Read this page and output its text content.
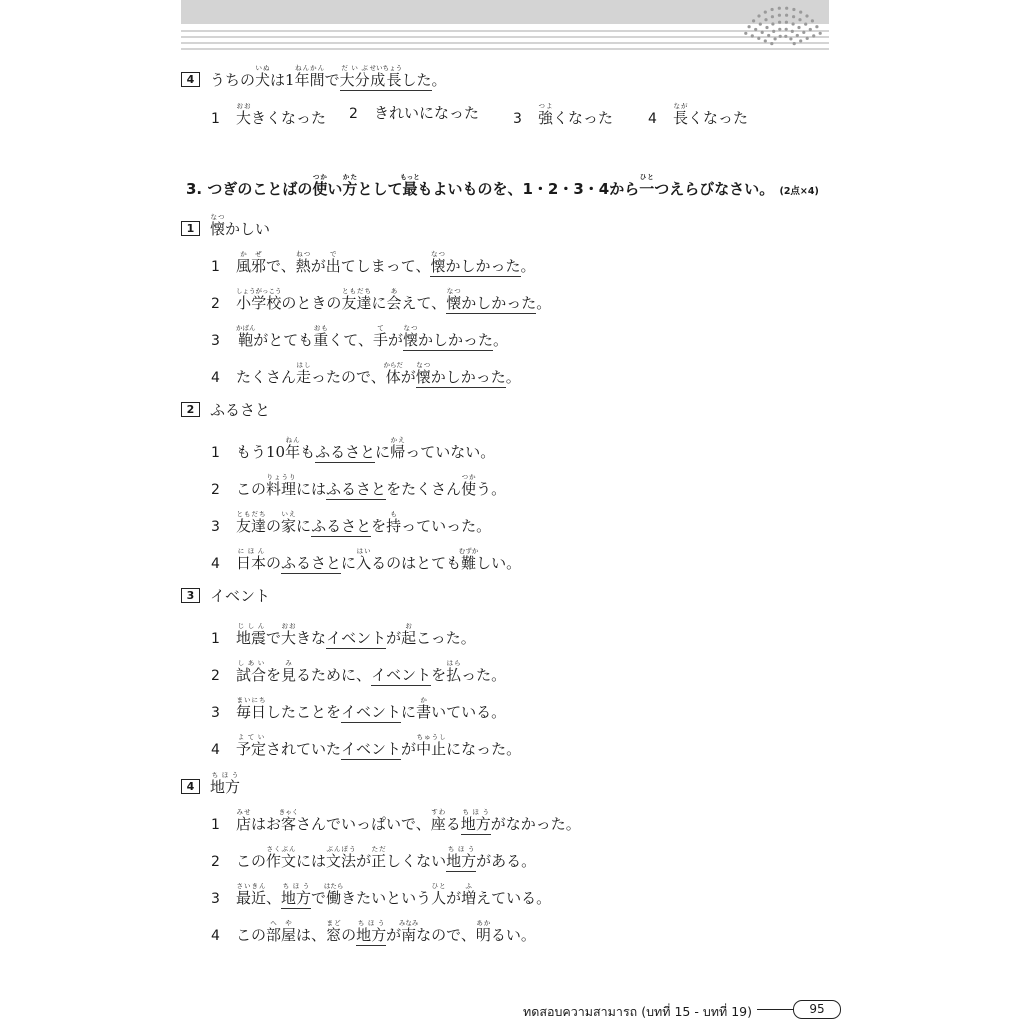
4 うちの犬いぬは1年間ねんかんで大分だいぶ成長せいちょうした。
1 大おおきくなった 2 きれいになった 3 強つよくなった 4 長ながくなった
3. つぎのことばの使つかい方かたとして最もっともよいものを、1・2・3・4から一ひとつえらびなさい。 (2点×4)
1 懐なつかしい
1 風邪かぜで、熱ねつが出でてしまって、懐なつかしかった。
2 小学校しょうがっこうのときの友達ともだちに会あえて、懐なつかしかった。
3 鞄かばんがとても重おもくて、手てが懐なつかしかった。
4 たくさん走はしったので、体からだが懐なつかしかった。
2 ふるさと
1 もう10年ねんもふるさとに帰かえっていない。
2 この料理りょうりにはふるさとをたくさん使つかう。
3 友達ともだちの家いえにふるさとを持もっていった。
4 日本にほんのふるさとに入はいるのはとても難むずかしい。
3 イベント
1 地震じしんで大おおきなイベントが起おこった。
2 試合しあいを見みるために、イベントを払はらった。
3 毎日まいにちしたことをイベントに書かいている。
4 予定よていされていたイベントが中止ちゅうしになった。
4 地方ちほう
1 店みせはお客きゃくさんでいっぱいで、座すわる地方ちほうがなかった。
2 この作文さくぶんには文法ぶんぽうが正ただしくない地方ちほうがある。
3 最近さいきん、地方ちほうで働はたらきたいという人ひとが増ふえている。
4 この部屋へやは、窓まどの地方ちほうが南みなみなので、明あかるい。
ทดสอบความสามารถ (บทที่ 15 - บทที่ 19)	95
